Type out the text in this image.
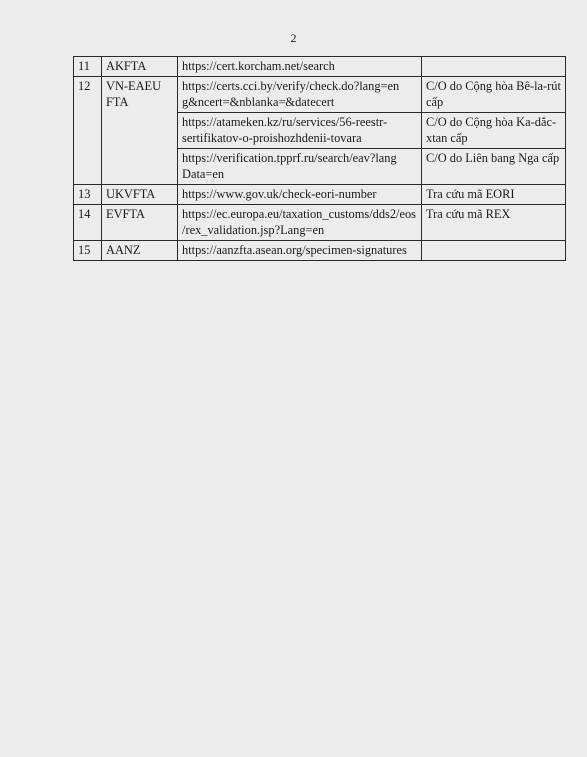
2
11	AKFTA	https://cert.korcham.net/search	
12	VN-EAEU FTA	https://certs.cci.by/verify/check.do?lang=en g&ncert=&nblanka=&datecert	C/O do Cộng hòa Bê-la-rút cấp
		https://atameken.kz/ru/services/56-reestr-sertifikatov-o-proishozhdenii-tovara	C/O do Cộng hòa Ka-dắc-xtan cấp
		https://verification.tpprf.ru/search/eav?lang Data=en	C/O do Liên bang Nga cấp
13	UKVFTA	https://www.gov.uk/check-eori-number	Tra cứu mã EORI
14	EVFTA	https://ec.europa.eu/taxation_customs/dds2/eos/rex_validation.jsp?Lang=en	Tra cứu mã REX
15	AANZ	https://aanzfta.asean.org/specimen-signatures	
